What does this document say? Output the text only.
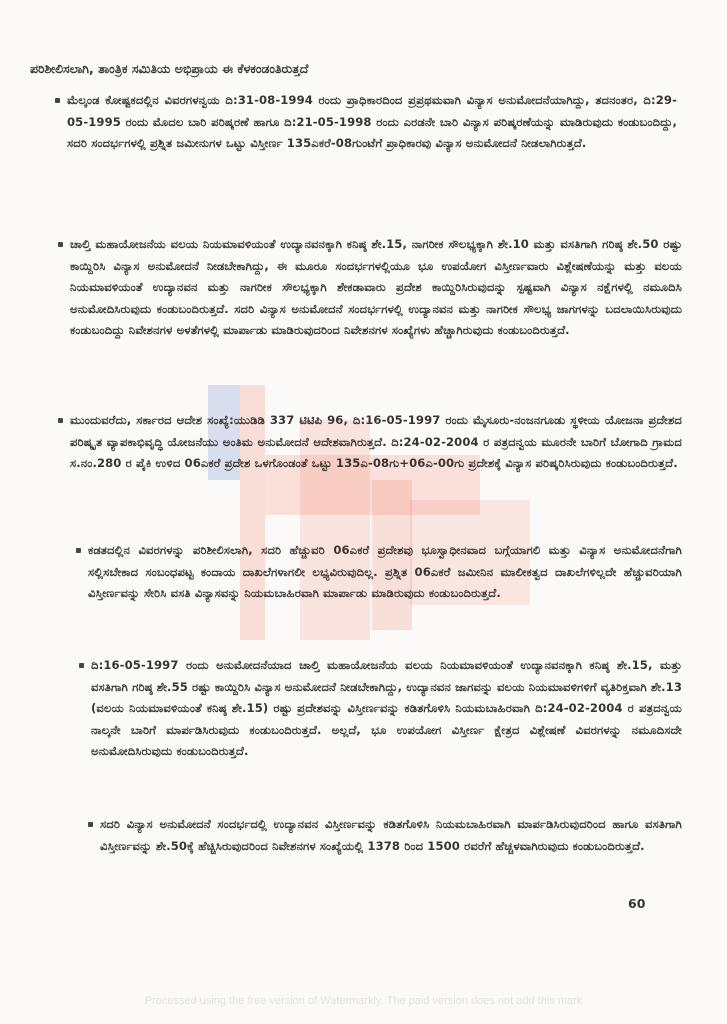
ಪರಿಶೀಲಿಸಲಾಗಿ, ತಾಂತ್ರಿಕ ಸಮಿತಿಯ ಅಭಿಪ್ರಾಯ ಈ ಕೆಳಕಂಡಂತಿರುತ್ತದೆ
ಮೆಲ್ಕಂಡ ಕೋಷ್ಟಕದಲ್ಲಿನ ವಿವರಗಳನ್ವಯ ದಿ:31-08-1994 ರಂದು ಪ್ರಾಧಿಕಾರದಿಂದ ಪ್ರಪ್ರಥಮವಾಗಿ ವಿನ್ಯಾಸ ಅನುಮೋದನೆಯಾಗಿದ್ದು, ತದನಂತರ, ದಿ:29-05-1995 ರಂದು ಮೊದಲ ಬಾರಿ ಪರಿಷ್ಕರಣೆ ಹಾಗೂ ದಿ:21-05-1998 ರಂದು ಎರಡನೇ ಬಾರಿ ವಿನ್ಯಾಸ ಪರಿಷ್ಕರಣೆಯನ್ನು ಮಾಡಿರುವುದು ಕಂಡುಬಂದಿದ್ದು, ಸದರಿ ಸಂದರ್ಭಗಳಲ್ಲಿ ಪ್ರಶ್ನಿತ ಜಮೀನುಗಳ ಒಟ್ಟು ವಿಸ್ತೀರ್ಣ 135ಎಕರೆ-08ಗುಂಟೆಗೆ ಪ್ರಾಧಿಕಾರವು ವಿನ್ಯಾಸ ಅನುಮೋದನೆ ನೀಡಲಾಗಿರುತ್ತದೆ.
ಚಾಲ್ತಿ ಮಹಾಯೋಜನೆಯ ವಲಯ ನಿಯಮಾವಳಿಯಂತೆ ಉದ್ಯಾನವನಕ್ಕಾಗಿ ಕನಿಷ್ಠ ಶೇ.15, ನಾಗರೀಕ ಸೌಲಭ್ಯಕ್ಕಾಗಿ ಶೇ.10 ಮತ್ತು ವಸತಿಗಾಗಿ ಗರಿಷ್ಠ ಶೇ.50 ರಷ್ಟು ಕಾಯ್ದಿರಿಸಿ ವಿನ್ಯಾಸ ಅನುಮೋದನೆ ನೀಡಬೇಕಾಗಿದ್ದು, ಈ ಮೂರೂ ಸಂದರ್ಭಗಳಲ್ಲಿಯೂ ಭೂ ಉಪಯೋಗ ವಿಸ್ತೀರ್ಣವಾರು ವಿಶ್ಲೇಷಣೆಯನ್ನು ಮತ್ತು ವಲಯ ನಿಯಮಾವಳಿಯಂತೆ ಉದ್ಯಾನವನ ಮತ್ತು ನಾಗರೀಕ ಸೌಲಭ್ಯಕ್ಕಾಗಿ ಶೇಕಡಾವಾರು ಪ್ರದೇಶ ಕಾಯ್ದಿರಿಸಿರುವುದನ್ನು ಸ್ಪಷ್ಟವಾಗಿ ವಿನ್ಯಾಸ ನಕ್ಷೆಗಳಲ್ಲಿ ನಮೂದಿಸಿ ಅನುಮೋದಿಸಿರುವುದು ಕಂಡುಬಂದಿರುತ್ತದೆ. ಸದರಿ ವಿನ್ಯಾಸ ಅನುಮೋದನೆ ಸಂದರ್ಭಗಳಲ್ಲಿ ಉದ್ಯಾನವನ ಮತ್ತು ನಾಗರೀಕ ಸೌಲಭ್ಯ ಜಾಗಗಳನ್ನು ಬದಲಾಯಿಸಿರುವುದು ಕಂಡುಬಂದಿದ್ದು ನಿವೇಶನಗಳ ಅಳತೆಗಳಲ್ಲಿ ಮಾರ್ಪಾಡು ಮಾಡಿರುವುದರಿಂದ ನಿವೇಶನಗಳ ಸಂಖ್ಯೆಗಳು ಹೆಚ್ಚಾಗಿರುವುದು ಕಂಡುಬಂದಿರುತ್ತದೆ.
ಮುಂದುವರೆದು, ಸರ್ಕಾರದ ಆದೇಶ ಸಂಖ್ಯೆ:ಯುಡಿಡಿ 337 ಟಿಟಿಪಿ 96, ದಿ:16-05-1997 ರಂದು ಮೈಸೂರು-ನಂಜನಗೂಡು ಸ್ಥಳೀಯ ಯೋಜನಾ ಪ್ರದೇಶದ ಪರಿಷ್ಕೃತ ವ್ಯಾಪಕಾಭಿವೃದ್ಧಿ ಯೋಜನೆಯು ಅಂತಿಮ ಅನುಮೋದನೆ ಆದೇಶವಾಗಿರುತ್ತದೆ. ದಿ:24-02-2004 ರ ಪತ್ರದನ್ವಯ ಮೂರನೇ ಬಾರಿಗೆ ಬೋಗಾದಿ ಗ್ರಾಮದ ಸ.ನಂ.280 ರ ಪೈಕಿ ಉಳಿದ 06ಎಕರೆ ಪ್ರದೇಶ ಒಳಗೊಂಡಂತೆ ಒಟ್ಟು 135ಎ-08ಗು+06ಎ-00ಗು ಪ್ರದೇಶಕ್ಕೆ ವಿನ್ಯಾಸ ಪರಿಷ್ಕರಿಸಿರುವುದು ಕಂಡುಬಂದಿರುತ್ತದೆ.
ಕಡತದಲ್ಲಿನ ವಿವರಗಳನ್ನು ಪರಿಶೀಲಿಸಲಾಗಿ, ಸದರಿ ಹೆಚ್ಚುವರಿ 06ಎಕರೆ ಪ್ರದೇಶವು ಭೂಸ್ವಾಧೀನವಾದ ಬಗ್ಗೆಯಾಗಲಿ ಮತ್ತು ವಿನ್ಯಾಸ ಅನುಮೋದನೆಗಾಗಿ ಸಲ್ಲಿಸಬೇಕಾದ ಸಂಬಂಧಪಟ್ಟ ಕಂದಾಯ ದಾಖಲೆಗಳಾಗಲೀ ಲಭ್ಯವಿರುವುದಿಲ್ಲ. ಪ್ರಶ್ನಿತ 06ಎಕರೆ ಜಮೀನಿನ ಮಾಲೀಕತ್ವದ ದಾಖಲೆಗಳಿಲ್ಲದೇ ಹೆಚ್ಚುವರಿಯಾಗಿ ವಿಸ್ತೀರ್ಣವನ್ನು ಸೇರಿಸಿ ವಸತಿ ವಿನ್ಯಾಸವನ್ನು ನಿಯಮಬಾಹಿರವಾಗಿ ಮಾರ್ಪಾಡು ಮಾಡಿರುವುದು ಕಂಡುಬಂದಿರುತ್ತದೆ.
ದಿ:16-05-1997 ರಂದು ಅನುಮೋದನೆಯಾದ ಚಾಲ್ತಿ ಮಹಾಯೋಜನೆಯ ವಲಯ ನಿಯಮಾವಳಿಯಂತೆ ಉದ್ಯಾನವನಕ್ಕಾಗಿ ಕನಿಷ್ಠ ಶೇ.15, ಮತ್ತು ವಸತಿಗಾಗಿ ಗರಿಷ್ಠ ಶೇ.55 ರಷ್ಟು ಕಾಯ್ದಿರಿಸಿ ವಿನ್ಯಾಸ ಅನುಮೋದನೆ ನೀಡಬೇಕಾಗಿದ್ದು, ಉದ್ಯಾನವನ ಜಾಗವನ್ನು ವಲಯ ನಿಯಮಾವಳಿಗಳಿಗೆ ವ್ಯತಿರಿಕ್ತವಾಗಿ ಶೇ.13 (ವಲಯ ನಿಯಮಾವಳಿಯಂತೆ ಕನಿಷ್ಠ ಶೇ.15) ರಷ್ಟು ಪ್ರದೇಶವನ್ನು ವಿಸ್ತೀರ್ಣವನ್ನು ಕಡಿತಗೊಳಿಸಿ ನಿಯಮಬಾಹಿರವಾಗಿ ದಿ:24-02-2004 ರ ಪತ್ರದನ್ವಯ ನಾಲ್ಕನೇ ಬಾರಿಗೆ ಮಾರ್ಪಡಿಸಿರುವುದು ಕಂಡುಬಂದಿರುತ್ತದೆ. ಅಲ್ಲದೆ, ಭೂ ಉಪಯೋಗ ವಿಸ್ತೀರ್ಣ ಕ್ಷೇತ್ರದ ವಿಶ್ಲೇಷಣೆ ವಿವರಗಳನ್ನು ನಮೂದಿಸದೇ ಅನುಮೋದಿಸಿರುವುದು ಕಂಡುಬಂದಿರುತ್ತದೆ.
ಸದರಿ ವಿನ್ಯಾಸ ಅನುಮೋದನೆ ಸಂದರ್ಭದಲ್ಲಿ ಉದ್ಯಾನವನ ವಿಸ್ತೀರ್ಣವನ್ನು ಕಡಿತಗೊಳಿಸಿ ನಿಯಮಬಾಹಿರವಾಗಿ ಮಾರ್ಪಡಿಸಿರುವುದರಿಂದ ಹಾಗೂ ವಸತಿಗಾಗಿ ವಿಸ್ತೀರ್ಣವನ್ನು ಶೇ.50ಕ್ಕೆ ಹೆಚ್ಚಿಸಿರುವುದರಿಂದ ನಿವೇಶನಗಳ ಸಂಖ್ಯೆಯಲ್ಲಿ 1378 ರಿಂದ 1500 ರವರೆಗೆ ಹೆಚ್ಚಳವಾಗಿರುವುದು ಕಂಡುಬಂದಿರುತ್ತದೆ.
60
Processed using the free version of Watermarkly. The paid version does not add this mark
